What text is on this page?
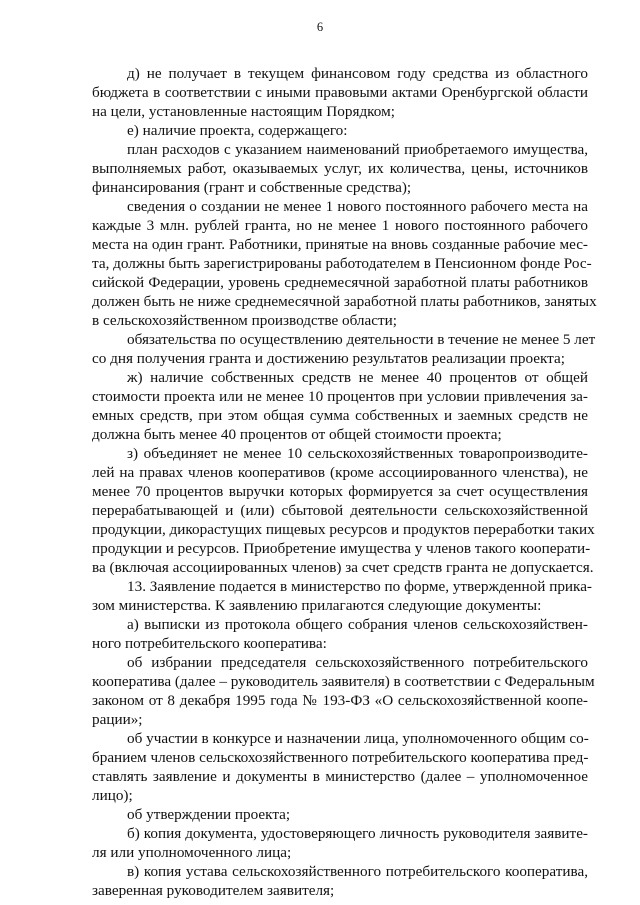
6

д) не получает в текущем финансовом году средства из областного

бюджета в соответствии с иными правовыми актами Оренбургской области

на цели, установленные настоящим Порядком;

е) наличие проекта, содержащего:

план расходов с указанием наименований приобретаемого имущества,

выполняемых работ, оказываемых услуг, их количества, цены, источников

финансирования (грант и собственные средства);

сведения о создании не менее 1 нового постоянного рабочего места на

каждые 3 млн. рублей гранта, но не менее 1 нового постоянного рабочего

места на один грант. Работники, принятые на вновь созданные рабочие мес-

та, должны быть зарегистрированы работодателем в Пенсионном фонде Рос-

сийской Федерации, уровень среднемесячной заработной платы работников

должен быть не ниже среднемесячной заработной платы работников, занятых

в сельскохозяйственном производстве области;

обязательства по осуществлению деятельности в течение не менее 5 лет

со дня получения гранта и достижению результатов реализации проекта;

ж) наличие собственных средств не менее 40 процентов от общей

стоимости проекта или не менее 10 процентов при условии привлечения за-

емных средств, при этом общая сумма собственных и заемных средств не

должна быть менее 40 процентов от общей стоимости проекта;

з) объединяет не менее 10 сельскохозяйственных товаропроизводите-

лей на правах членов кооперативов (кроме ассоциированного членства), не

менее 70 процентов выручки которых формируется за счет осуществления

перерабатывающей и (или) сбытовой деятельности сельскохозяйственной

продукции, дикорастущих пищевых ресурсов и продуктов переработки таких

продукции и ресурсов. Приобретение имущества у членов такого кооперати-

ва (включая ассоциированных членов) за счет средств гранта не допускается.

13. Заявление подается в министерство по форме, утвержденной прика-

зом министерства. К заявлению прилагаются следующие документы:

а) выписки из протокола общего собрания членов сельскохозяйствен-

ного потребительского кооператива:

об избрании председателя сельскохозяйственного потребительского

кооператива (далее – руководитель заявителя) в соответствии с Федеральным

законом от 8 декабря 1995 года № 193-ФЗ «О сельскохозяйственной коопе-

рации»;

об участии в конкурсе и назначении лица, уполномоченного общим со-

бранием членов сельскохозяйственного потребительского кооператива пред-

ставлять заявление и документы в министерство (далее – уполномоченное

лицо);

об утверждении проекта;

б) копия документа, удостоверяющего личность руководителя заявите-

ля или уполномоченного лица;

в) копия устава сельскохозяйственного потребительского кооператива,

заверенная руководителем заявителя;
